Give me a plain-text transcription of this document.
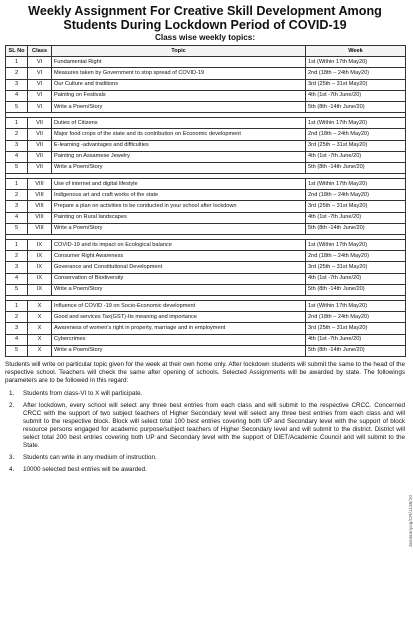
Weekly Assignment For Creative Skill Development Among
Students During Lockdown Period of COVID-19
Class wise weekly topics:
SL No	Class	Topic	Week
1	VI	Fundamental Right	1st (Within 17th May20)
2	VI	Measures taken by Government to stop spread of COVID-19	2nd (18th – 24th May20)
3	VI	Our Culture and traditions	3rd (25th – 31st May20)
4	VI	Painting on Festivals	4th (1st -7th June/20)
5	VI	Write a Poem/Story	5th (8th -14th June/20)

1	VII	Duties of Citizens	1st (Within 17th May20)
2	VII	Major food crops of the state and its contribution on Economic development	2nd (18th – 24th May20)
3	VII	E-learning -advantages and difficulties	3rd (25th – 31st May20)
4	VII	Painting on Assamese Jewelry	4th (1st -7th June/20)
5	VII	Write a Poem/Story	5th (8th -14th June/20)

1	VIII	Use of internet and digital lifestyle	1st (Within 17th May20)
2	VIII	Indigenous art and craft works of the state	2nd (18th – 24th May20)
3	VIII	Prepare a plan on activities to be conducted in your school after lockdown	3rd (25th – 31st May20)
4	VIII	Painting on Rural landscapes	4th (1st -7th June/20)
5	VIII	Write a Poem/Story	5th (8th -14th June/20)

1	IX	COVID-19 and its impact on Ecological balance	1st (Within 17th May20)
2	IX	Consumer Right Awareness	2nd (18th – 24th May20)
3	IX	Goverance and Constitutional Development	3rd (25th – 31st May20)
4	IX	Conservation of Biodiversity	4th (1st -7th June/20)
5	IX	Write a Poem/Story	5th (8th -14th June/20)

1	X	Influence of COVID -19 on Socio-Economic development	1st (Within 17th May20)
2	X	Good and services Tax(GST)-Its meaning and importance	2nd (18th – 24th May20)
3	X	Awareness of women's right in property, marriage and in employment	3rd (25th – 31st May20)
4	X	Cybercrimes	4th (1st -7th June/20)
5	X	Write a Poem/Story	5th (8th -14th June/20)

Students will write on particular topic given for the week at their own home only. After lockdown students will submit the same to the head of the respective school. Teachers will check the same after opening of schools. Selected Assignments will be awarded by state. The followings parameters are to be followed in this regard:

1.	Students from class-VI to X will participate.
2.	After lockdown, every school will select any three best entries from each class and will submit to the respective CRCC. Concerned CRCC with the support of two subject teachers of Higher Secondary level will select any three best entries from each class and will submit to the respective block. Block will select total 100 best entries covering both UP and Secondary level with the support of block resource persons engaged for academic purpose/subject teachers of Higher Secondary level and will submit to the district. District will select total 200 best entries covering both UP and Secondary level with the support of DIET/Academic Council and will submit to the State.
3.	Students can write in any medium of instruction.
4.	10000 selected best entries will be awarded.
Janasanyog/CR/1136/20
